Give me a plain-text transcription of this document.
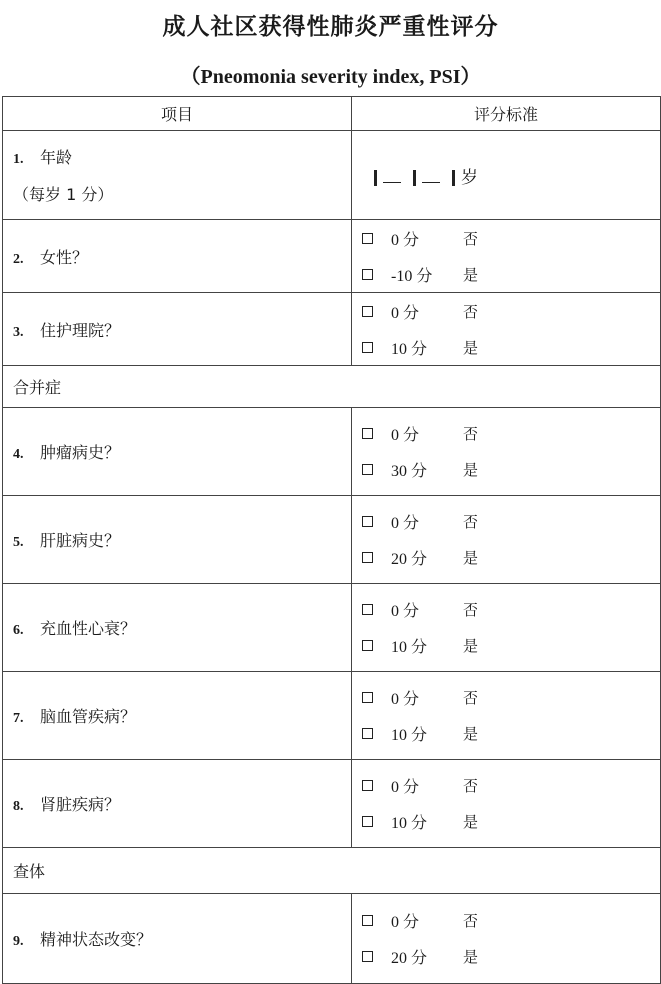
成人社区获得性肺炎严重性评分
（Pneomonia severity index, PSI）
项目	评分标准
1. 年龄
（每岁 1 分）	岁
2. 女性？	0 分 否
-10 分 是

3. 住护理院？	0 分 否
10 分 是

合并症	
4. 肿瘤病史？	0 分 否
30 分 是

5. 肝脏病史？	0 分 否
20 分 是

6. 充血性心衰？	0 分 否
10 分 是

7. 脑血管疾病？	0 分 否
10 分 是

8. 肾脏疾病？	0 分 否
10 分 是

查体	
9. 精神状态改变？	0 分 否
20 分 是
